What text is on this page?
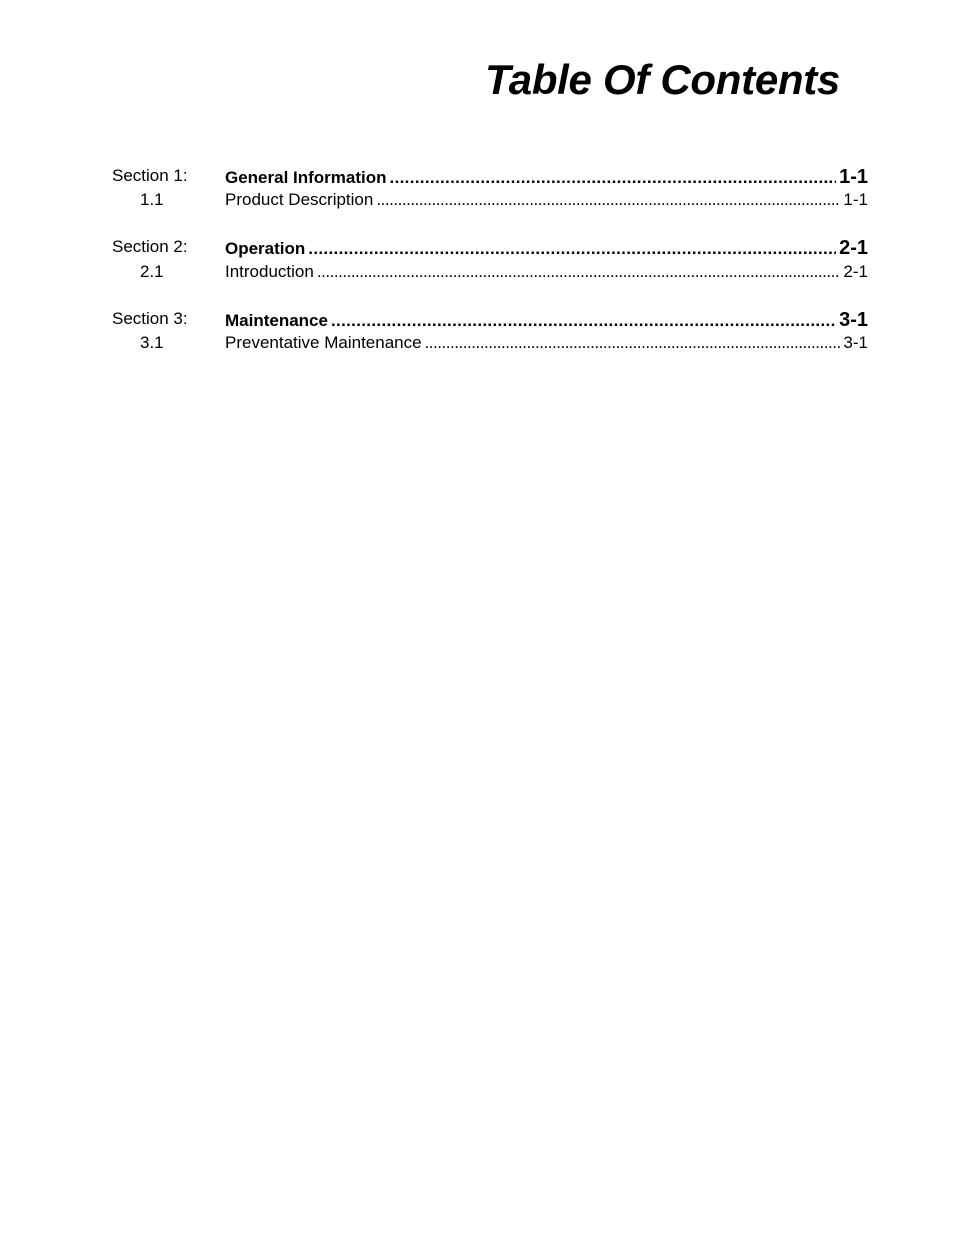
Table Of Contents
Section 1: General Information . . .	1-1
1.1	Product Description . . .	1-1
Section 2: Operation . . .	2-1
2.1	Introduction . . .	2-1
Section 3: Maintenance . . .	3-1
3.1	Preventative Maintenance . . .	3-1
